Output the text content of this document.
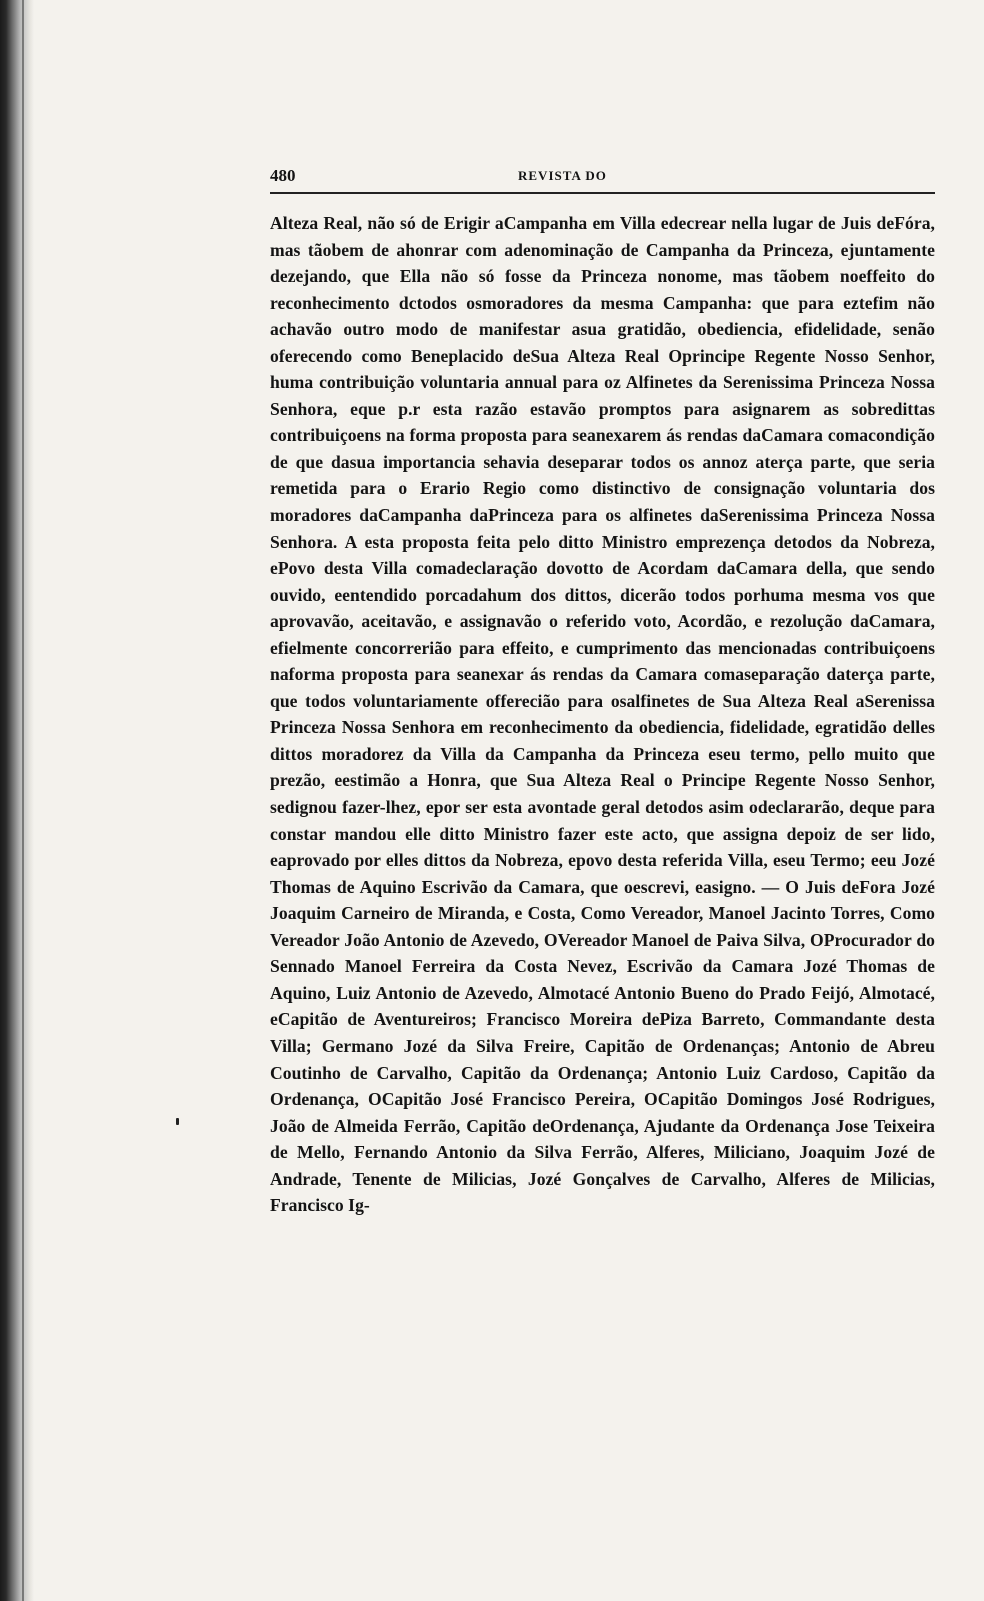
480	REVISTA DO

Alteza Real, não só de Erigir aCampanha em Villa edecrear nella lugar de Juis deFóra, mas tãobem de ahonrar com adenominação de Campanha da Princeza, ejuntamente dezejando, que Ella não só fosse da Princeza nonome, mas tãobem noeffeito do reconhecimento dctodos osmoradores da mesma Campanha: que para eztefim não achavão outro modo de manifestar asua gratidão, obediencia, efidelidade, senão oferecendo como Beneplacido deSua Alteza Real Oprincipe Regente Nosso Senhor, huma contribuição voluntaria annual para oz Alfinetes da Serenissima Princeza Nossa Senhora, eque p.r esta razão estavão promptos para asignarem as sobredittas contribuiçoens na forma proposta para seanexarem ás rendas daCamara comacondição de que dasua importancia sehavia deseparar todos os annoz aterça parte, que seria remetida para o Erario Regio como distinctivo de consignação voluntaria dos moradores daCampanha daPrinceza para os alfinetes daSerenissima Princeza Nossa Senhora. A esta proposta feita pelo ditto Ministro emprezença detodos da Nobreza, ePovo desta Villa comadeclaração dovotto de Acordam daCamara della, que sendo ouvido, eentendido porcadahum dos dittos, dicerão todos porhuma mesma vos que aprovavão, aceitavão, e assignavão o referido voto, Acordão, e rezolução daCamara, efielmente concorrerião para effeito, e cumprimento das mencionadas contribuiçoens naforma proposta para seanexar ás rendas da Camara comaseparação daterça parte, que todos voluntariamente offerecião para osalfinetes de Sua Alteza Real aSerenissa Princeza Nossa Senhora em reconhecimento da obediencia, fidelidade, egratidão delles dittos moradorez da Villa da Campanha da Princeza eseu termo, pello muito que prezão, eestimão a Honra, que Sua Alteza Real o Principe Regente Nosso Senhor, sedignou fazer-lhez, epor ser esta avontade geral detodos asim odeclararão, deque para constar mandou elle ditto Ministro fazer este acto, que assigna depoiz de ser lido, eaprovado por elles dittos da Nobreza, epovo desta referida Villa, eseu Termo; eeu Jozé Thomas de Aquino Escrivão da Camara, que oescrevi, easigno. — O Juis deFora Jozé Joaquim Carneiro de Miranda, e Costa, Como Vereador, Manoel Jacinto Torres, Como Vereador João Antonio de Azevedo, OVereador Manoel de Paiva Silva, OProcurador do Sennado Manoel Ferreira da Costa Nevez, Escrivão da Camara Jozé Thomas de Aquino, Luiz Antonio de Azevedo, Almotacé Antonio Bueno do Prado Feijó, Almotacé, eCapitão de Aventureiros; Francisco Moreira dePiza Barreto, Commandante desta Villa; Germano Jozé da Silva Freire, Capitão de Ordenanças; Antonio de Abreu Coutinho de Carvalho, Capitão da Ordenança; Antonio Luiz Cardoso, Capitão da Ordenança, OCapitão José Francisco Pereira, OCapitão Domingos José Rodrigues, João de Almeida Ferrão, Capitão deOrdenança, Ajudante da Ordenança Jose Teixeira de Mello, Fernando Antonio da Silva Ferrão, Alferes, Miliciano, Joaquim Jozé de Andrade, Tenente de Milicias, Jozé Gonçalves de Carvalho, Alferes de Milicias, Francisco Ig-
